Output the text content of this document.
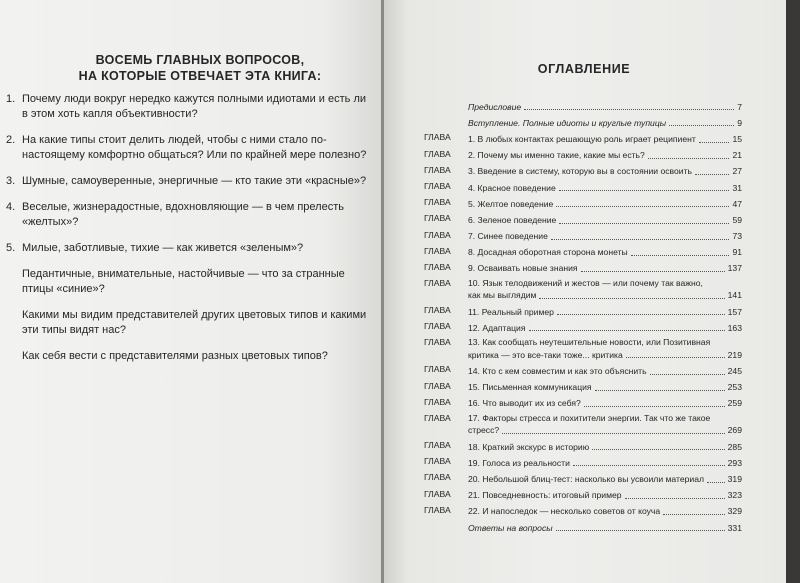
ВОСЕМЬ ГЛАВНЫХ ВОПРОСОВ,
НА КОТОРЫЕ ОТВЕЧАЕТ ЭТА КНИГА:
1. Почему люди вокруг нередко кажутся полными идиотами и есть ли в этом хоть капля объективности?
2. На какие типы стоит делить людей, чтобы с ними стало по-настоящему комфортно общаться? Или по крайней мере полезно?
3. Шумные, самоуверенные, энергичные — кто такие эти «красные»?
4. Веселые, жизнерадостные, вдохновляющие — в чем прелесть «желтых»?
5. Милые, заботливые, тихие — как живется «зеленым»?
Педантичные, внимательные, настойчивые — что за странные птицы «синие»?
Какими мы видим представителей других цветовых типов и какими эти типы видят нас?
Как себя вести с представителями разных цветовых типов?
ОГЛАВЛЕНИЕ
Предисловие	7
Вступление. Полные идиоты и круглые тупицы	9
ГЛАВА	1. В любых контактах решающую роль играет реципиент	15
ГЛАВА	2. Почему мы именно такие, какие мы есть?	21
ГЛАВА	3. Введение в систему, которую вы в состоянии освоить	27
ГЛАВА	4. Красное поведение	31
ГЛАВА	5. Желтое поведение	47
ГЛАВА	6. Зеленое поведение	59
ГЛАВА	7. Синее поведение	73
ГЛАВА	8. Досадная оборотная сторона монеты	91
ГЛАВА	9. Осваивать новые знания	137
ГЛАВА	10. Язык телодвижений и жестов — или почему так важно,
как мы выглядим	141
ГЛАВА	11. Реальный пример	157
ГЛАВА	12. Адаптация	163
ГЛАВА	13. Как сообщать неутешительные новости, или Позитивная
критика — это все-таки тоже... критика	219
ГЛАВА	14. Кто с кем совместим и как это объяснить	245
ГЛАВА	15. Письменная коммуникация	253
ГЛАВА	16. Что выводит их из себя?	259
ГЛАВА	17. Факторы стресса и похитители энергии. Так что же такое
стресс?	269
ГЛАВА	18. Краткий экскурс в историю	285
ГЛАВА	19. Голоса из реальности	293
ГЛАВА	20. Небольшой блиц-тест: насколько вы усвоили материал	319
ГЛАВА	21. Повседневность: итоговый пример	323
ГЛАВА	22. И напоследок — несколько советов от коуча	329
Ответы на вопросы	331
